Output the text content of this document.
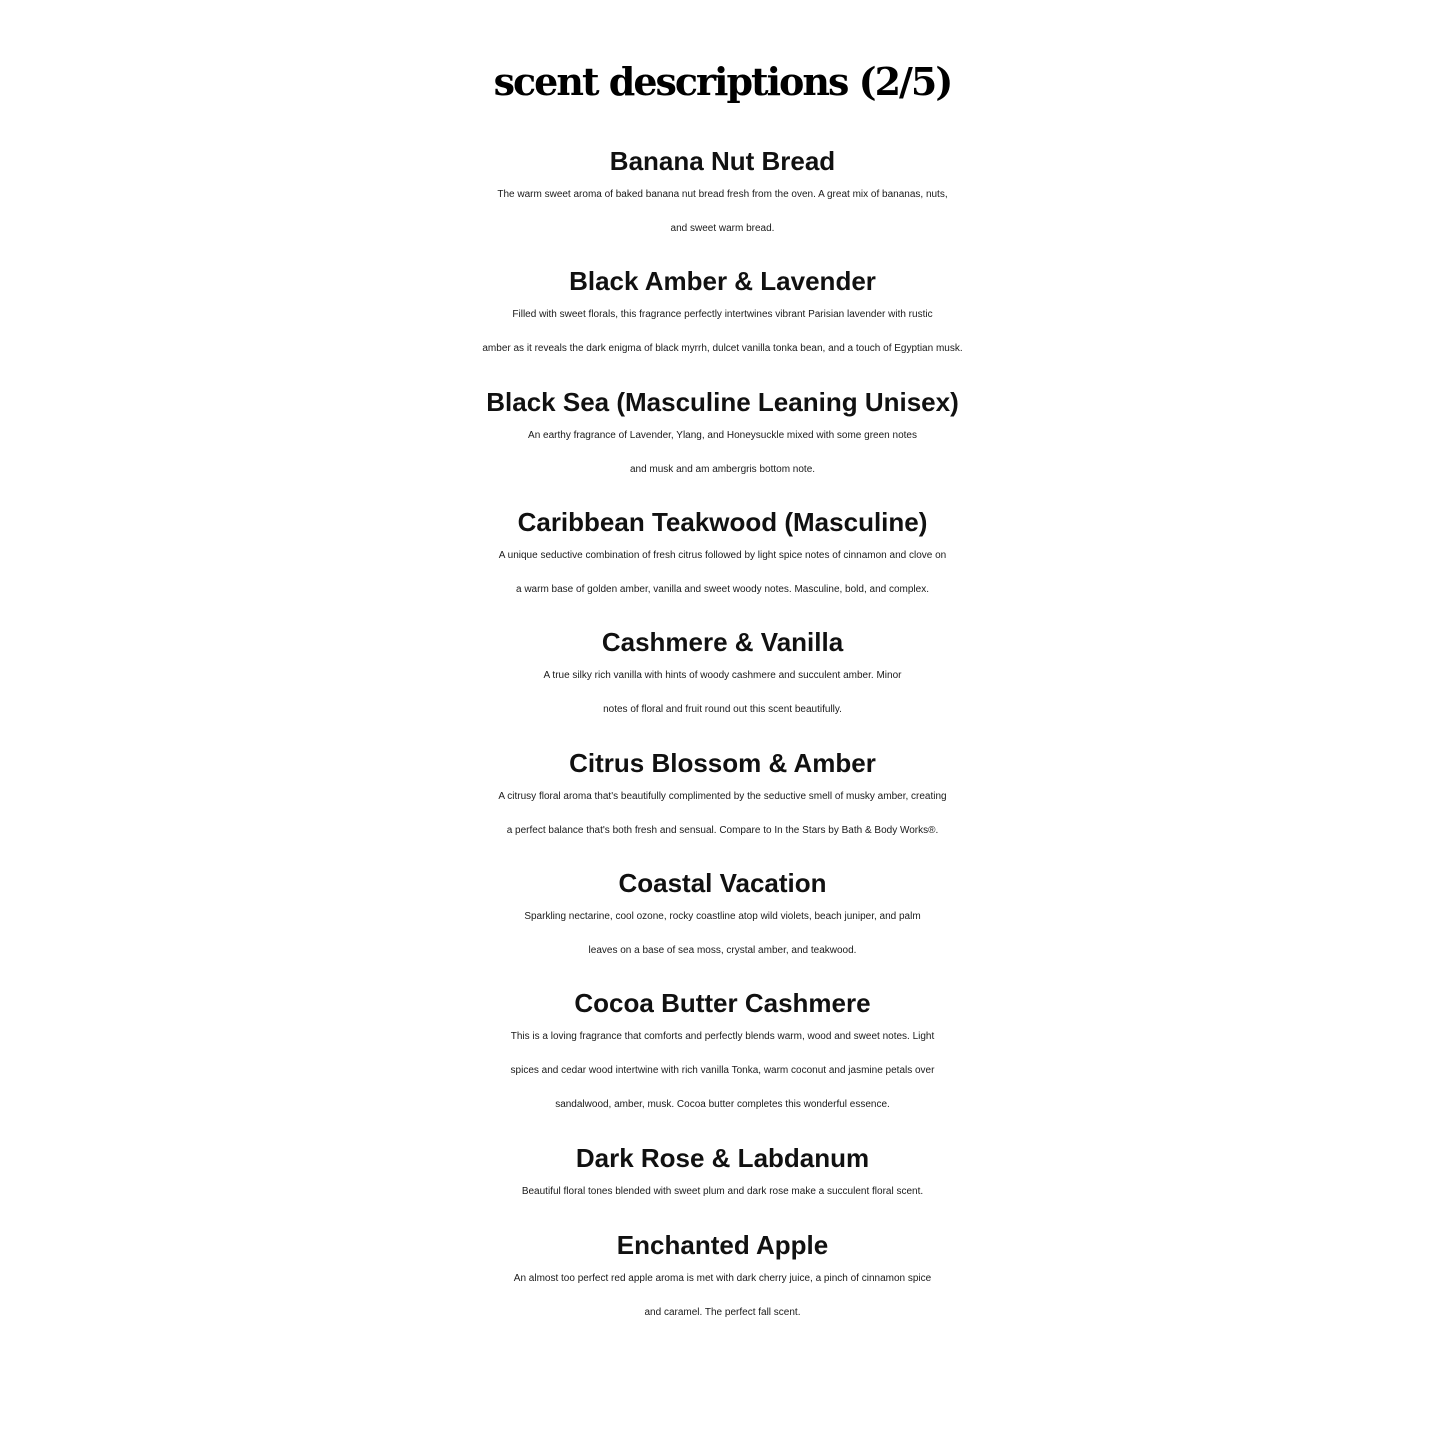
scent descriptions (2/5)
Banana Nut Bread
The warm sweet aroma of baked banana nut bread fresh from the oven. A great mix of bananas, nuts,
and sweet warm bread.
Black Amber & Lavender
Filled with sweet florals, this fragrance perfectly intertwines vibrant Parisian lavender with rustic
amber as it reveals the dark enigma of black myrrh, dulcet vanilla tonka bean, and a touch of Egyptian musk.
Black Sea (Masculine Leaning Unisex)
An earthy fragrance of Lavender, Ylang, and Honeysuckle mixed with some green notes
and musk and am ambergris bottom note.
Caribbean Teakwood (Masculine)
A unique seductive combination of fresh citrus followed by light spice notes of cinnamon and clove on
a warm base of golden amber, vanilla and sweet woody notes. Masculine, bold, and complex.
Cashmere & Vanilla
A true silky rich vanilla with hints of woody cashmere and succulent amber. Minor
notes of floral and fruit round out this scent beautifully.
Citrus Blossom & Amber
A citrusy floral aroma that's beautifully complimented by the seductive smell of musky amber, creating
a perfect balance that's both fresh and sensual. Compare to In the Stars by Bath & Body Works®.
Coastal Vacation
Sparkling nectarine, cool ozone, rocky coastline atop wild violets, beach juniper, and palm
leaves on a base of sea moss, crystal amber, and teakwood.
Cocoa Butter Cashmere
This is a loving fragrance that comforts and perfectly blends warm, wood and sweet notes. Light
spices and cedar wood intertwine with rich vanilla Tonka, warm coconut and jasmine petals over
sandalwood, amber, musk. Cocoa butter completes this wonderful essence.
Dark Rose & Labdanum
Beautiful floral tones blended with sweet plum and dark rose make a succulent floral scent.
Enchanted Apple
An almost too perfect red apple aroma is met with dark cherry juice, a pinch of cinnamon spice
and caramel. The perfect fall scent.
